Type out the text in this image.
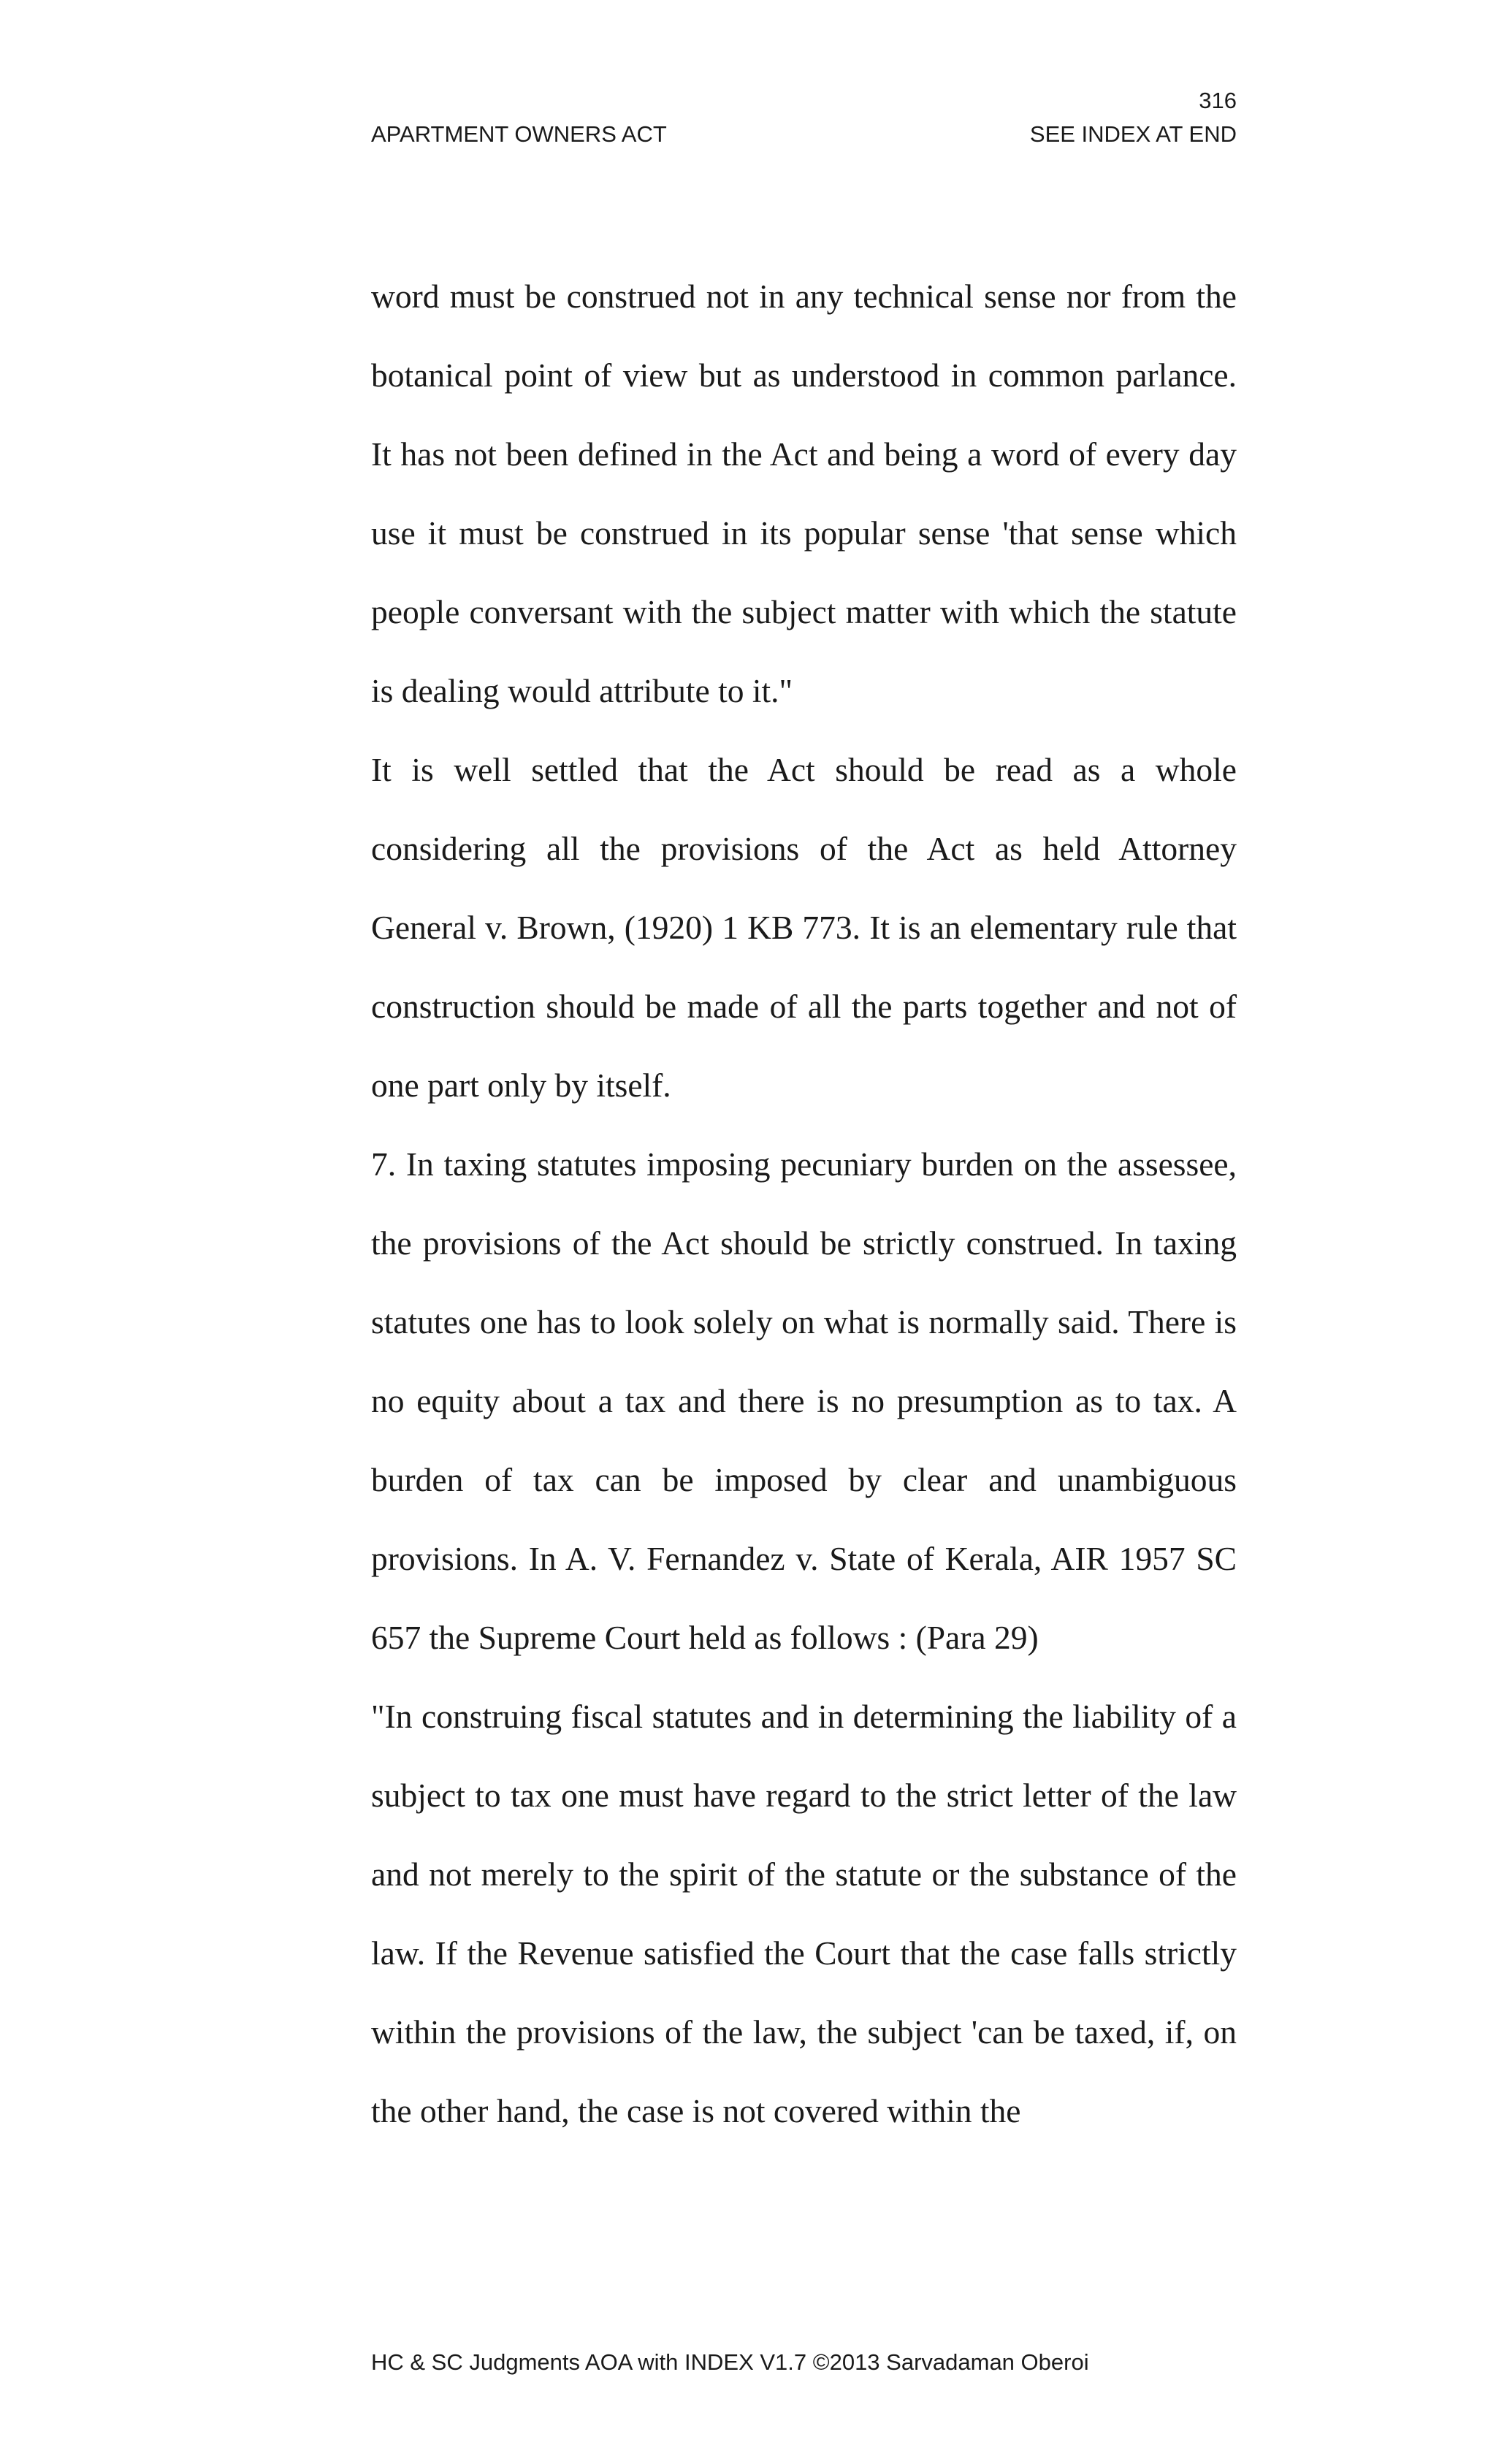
316
APARTMENT OWNERS ACT	SEE INDEX AT END

word must be construed not in any technical sense nor from the botanical point of view but as understood in common parlance. It has not been defined in the Act and being a word of every day use it must be construed in its popular sense 'that sense which people conversant with the subject matter with which the statute is dealing would attribute to it."

It is well settled that the Act should be read as a whole considering all the provisions of the Act as held Attorney General v. Brown, (1920) 1 KB 773. It is an elementary rule that construction should be made of all the parts together and not of one part only by itself.

7. In taxing statutes imposing pecuniary burden on the assessee, the provisions of the Act should be strictly construed. In taxing statutes one has to look solely on what is normally said. There is no equity about a tax and there is no presumption as to tax. A burden of tax can be imposed by clear and unambiguous provisions. In A. V. Fernandez v. State of Kerala, AIR 1957 SC 657 the Supreme Court held as follows : (Para 29)

"In construing fiscal statutes and in determining the liability of a subject to tax one must have regard to the strict letter of the law and not merely to the spirit of the statute or the substance of the law. If the Revenue satisfied the Court that the case falls strictly within the provisions of the law, the subject 'can be taxed, if, on the other hand, the case is not covered within the

HC & SC Judgments AOA with INDEX V1.7 ©2013 Sarvadaman Oberoi
